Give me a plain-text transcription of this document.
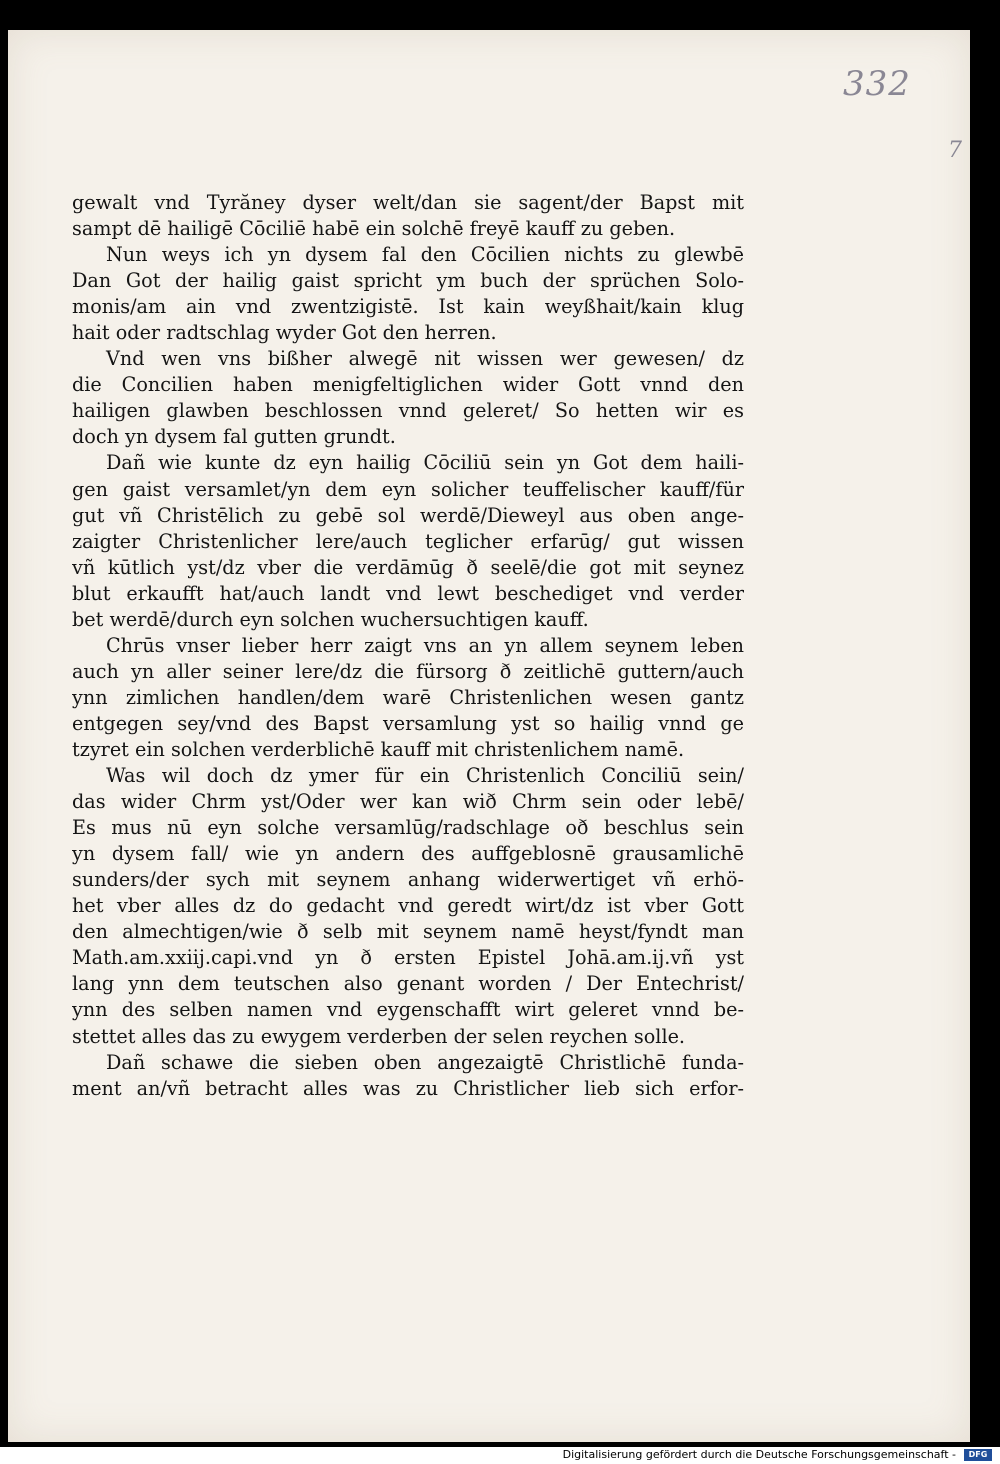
332
7
gewalt vnd Tyrăney dyser welt/dan sie sagent/der Bapst mit
sampt dē hailigē Cōciliē habē ein solchē freyē kauff zu geben.
Nun weys ich yn dysem fal den Cōcilien nichts zu glewbē
Dan Got der hailig gaist spricht ym buch der sprüchen Solo-
monis/am ain vnd zwentzigistē. Ist kain weyßhait/kain klug
hait oder radtschlag wyder Got den herren.
Vnd wen vns bißher alwegē nit wissen wer gewesen/ dz
die Concilien haben menigfeltiglichen wider Gott vnnd den
hailigen glawben beschlossen vnnd geleret/ So hetten wir es
doch yn dysem fal gutten grundt.
Dañ wie kunte dz eyn hailig Cōciliū sein yn Got dem haili-
gen gaist versamlet/yn dem eyn solicher teuffelischer kauff/für
gut vñ Christēlich zu gebē sol werdē/Dieweyl aus oben ange-
zaigter Christenlicher lere/auch teglicher erfarūg/ gut wissen
vñ kūtlich yst/dz vber die verdāmūg ð seelē/die got mit seynez
blut erkaufft hat/auch landt vnd lewt beschediget vnd verder
bet werdē/durch eyn solchen wuchersuchtigen kauff.
Chrūs vnser lieber herr zaigt vns an yn allem seynem leben
auch yn aller seiner lere/dz die fürsorg ð zeitlichē guttern/auch
ynn zimlichen handlen/dem warē Christenlichen wesen gantz
entgegen sey/vnd des Bapst versamlung yst so hailig vnnd ge
tzyret ein solchen verderblichē kauff mit christenlichem namē.
Was wil doch dz ymer für ein Christenlich Conciliū sein/
das wider Chrm yst/Oder wer kan wið Chrm sein oder lebē/
Es mus nū eyn solche versamlūg/radschlage oð beschlus sein
yn dysem fall/ wie yn andern des auffgeblosnē grausamlichē
sunders/der sych mit seynem anhang widerwertiget vñ erhö-
het vber alles dz do gedacht vnd geredt wirt/dz ist vber Gott
den almechtigen/wie ð selb mit seynem namē heyst/fyndt man
Math.am.xxiij.capi.vnd yn ð ersten Epistel Johā.am.ij.vñ yst
lang ynn dem teutschen also genant worden / Der Entechrist/
ynn des selben namen vnd eygenschafft wirt geleret vnnd be-
stettet alles das zu ewygem verderben der selen reychen solle.
Dañ schawe die sieben oben angezaigtē Christlichē funda-
ment an/vñ betracht alles was zu Christlicher lieb sich erfor-
Digitalisierung gefördert durch die Deutsche Forschungsgemeinschaft -	DFG
